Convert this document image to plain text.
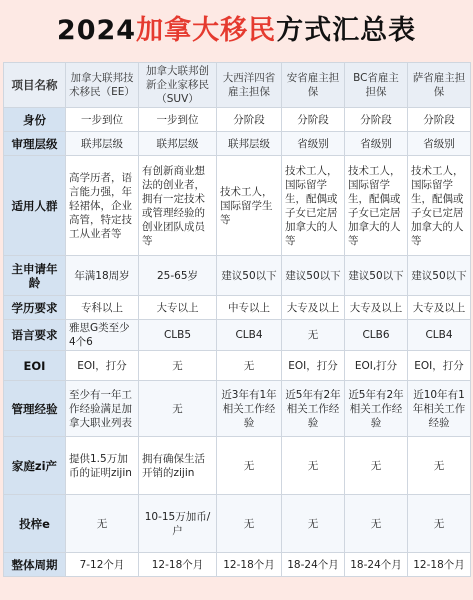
2024加拿大移民方式汇总表
项目名称	加拿大联邦技术移民（EE）	加拿大联邦创新企业家移民（SUV）	大西洋四省雇主担保	安省雇主担保	BC省雇主担保	萨省雇主担保
身份	一步到位	一步到位	分阶段	分阶段	分阶段	分阶段
审理层级	联邦层级	联邦层级	联邦层级	省级别	省级别	省级别
适用人群	高学历者，语言能力强，年轻裙体，企业高管，特定技工从业者等	有创新商业想法的创业者，拥有一定技术或管理经验的创业团队成员等	技术工人，国际留学生等	技术工人，国际留学生，配偶或子女已定居加拿大的人等	技术工人，国际留学生，配偶或子女已定居加拿大的人等	技术工人，国际留学生，配偶或子女已定居加拿大的人等
主申请年龄	年满18周岁	25-65岁	建议50以下	建议50以下	建议50以下	建议50以下
学历要求	专科以上	大专以上	中专以上	大专及以上	大专及以上	大专及以上
语言要求	雅思G类至少4个6	CLB5	CLB4	无	CLB6	CLB4
EOI	EOI，打分	无	无	EOI，打分	EOI,打分	EOI，打分
管理经验	至少有一年工作经验满足加拿大职业列表	无	近3年有1年相关工作经验	近5年有2年相关工作经验	近5年有2年相关工作经验	近10年有1年相关工作经验
家庭zi产	提供1.5万加币的证明zijin	拥有确保生活开销的zijin	无	无	无	无
投梓e	无	10-15万加币/户	无	无	无	无
整体周期	7-12个月	12-18个月	12-18个月	18-24个月	18-24个月	12-18个月
